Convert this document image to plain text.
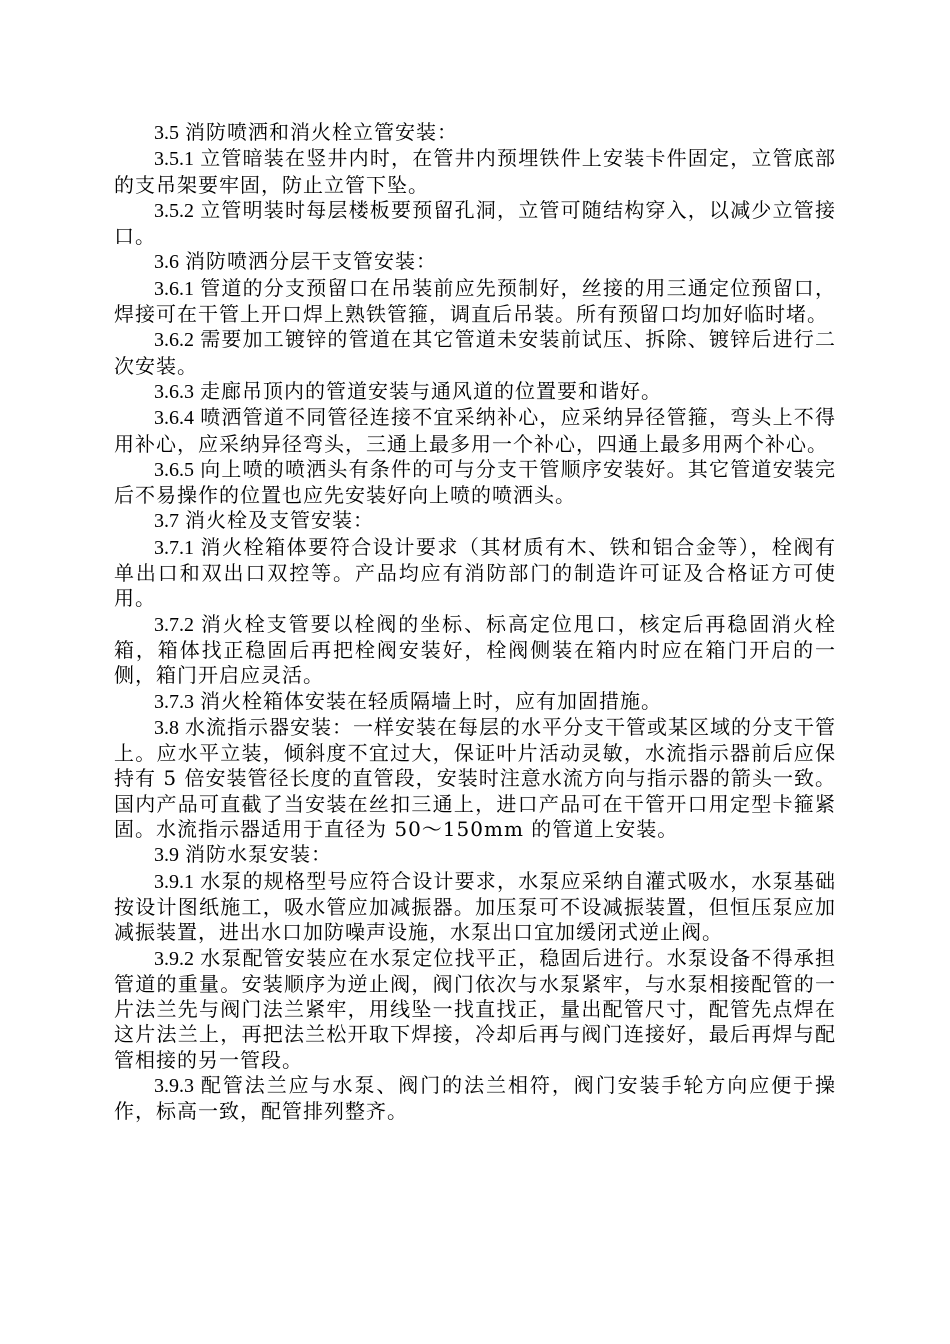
3.5 消防喷洒和消火栓立管安装：

3.5.1 立管暗装在竖井内时，在管井内预埋铁件上安装卡件固定，立管底部的支吊架要牢固，防止立管下坠。

3.5.2 立管明装时每层楼板要预留孔洞，立管可随结构穿入，以减少立管接口。

3.6 消防喷洒分层干支管安装：

3.6.1 管道的分支预留口在吊装前应先预制好，丝接的用三通定位预留口，焊接可在干管上开口焊上熟铁管箍，调直后吊装。所有预留口均加好临时堵。

3.6.2 需要加工镀锌的管道在其它管道未安装前试压、拆除、镀锌后进行二次安装。

3.6.3 走廊吊顶内的管道安装与通风道的位置要和谐好。

3.6.4 喷洒管道不同管径连接不宜采纳补心，应采纳异径管箍，弯头上不得用补心，应采纳异径弯头，三通上最多用一个补心，四通上最多用两个补心。

3.6.5 向上喷的喷洒头有条件的可与分支干管顺序安装好。其它管道安装完后不易操作的位置也应先安装好向上喷的喷洒头。

3.7 消火栓及支管安装：

3.7.1 消火栓箱体要符合设计要求（其材质有木、铁和铝合金等），栓阀有单出口和双出口双控等。产品均应有消防部门的制造许可证及合格证方可使用。

3.7.2 消火栓支管要以栓阀的坐标、标高定位甩口，核定后再稳固消火栓箱，箱体找正稳固后再把栓阀安装好，栓阀侧装在箱内时应在箱门开启的一侧，箱门开启应灵活。

3.7.3 消火栓箱体安装在轻质隔墙上时，应有加固措施。

3.8 水流指示器安装：一样安装在每层的水平分支干管或某区域的分支干管上。应水平立装，倾斜度不宜过大，保证叶片活动灵敏，水流指示器前后应保持有 5 倍安装管径长度的直管段，安装时注意水流方向与指示器的箭头一致。国内产品可直截了当安装在丝扣三通上，进口产品可在干管开口用定型卡箍紧固。水流指示器适用于直径为 50～150mm 的管道上安装。

3.9 消防水泵安装：

3.9.1 水泵的规格型号应符合设计要求，水泵应采纳自灌式吸水，水泵基础按设计图纸施工，吸水管应加减振器。加压泵可不设减振装置，但恒压泵应加减振装置，进出水口加防噪声设施，水泵出口宜加缓闭式逆止阀。

3.9.2 水泵配管安装应在水泵定位找平正，稳固后进行。水泵设备不得承担管道的重量。安装顺序为逆止阀，阀门依次与水泵紧牢，与水泵相接配管的一片法兰先与阀门法兰紧牢，用线坠一找直找正，量出配管尺寸，配管先点焊在这片法兰上，再把法兰松开取下焊接，冷却后再与阀门连接好，最后再焊与配管相接的另一管段。

3.9.3 配管法兰应与水泵、阀门的法兰相符，阀门安装手轮方向应便于操作，标高一致，配管排列整齐。
